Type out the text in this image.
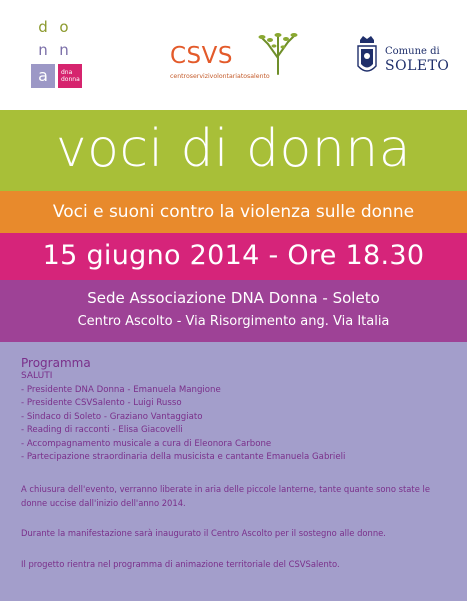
d o
n n
a	dna donna
CSVS
centroservizivolontariatosalento
Comune di
SOLETO
voci di donna
Voci e suoni contro la violenza sulle donne
15 giugno 2014 - Ore 18.30
Sede Associazione DNA Donna - Soleto
Centro Ascolto - Via Risorgimento ang. Via Italia
Programma
SALUTI
- Presidente DNA Donna - Emanuela Mangione
- Presidente CSVSalento - Luigi Russo
- Sindaco di Soleto - Graziano Vantaggiato
- Reading di racconti - Elisa Giacovelli
- Accompagnamento musicale a cura di Eleonora Carbone
- Partecipazione straordinaria della musicista e cantante Emanuela Gabrieli

A chiusura dell'evento, verranno liberate in aria delle piccole lanterne, tante quante sono state le donne uccise dall'inizio dell'anno 2014.

Durante la manifestazione sarà inaugurato il Centro Ascolto per il sostegno alle donne.

Il progetto rientra nel programma di animazione territoriale del CSVSalento.
